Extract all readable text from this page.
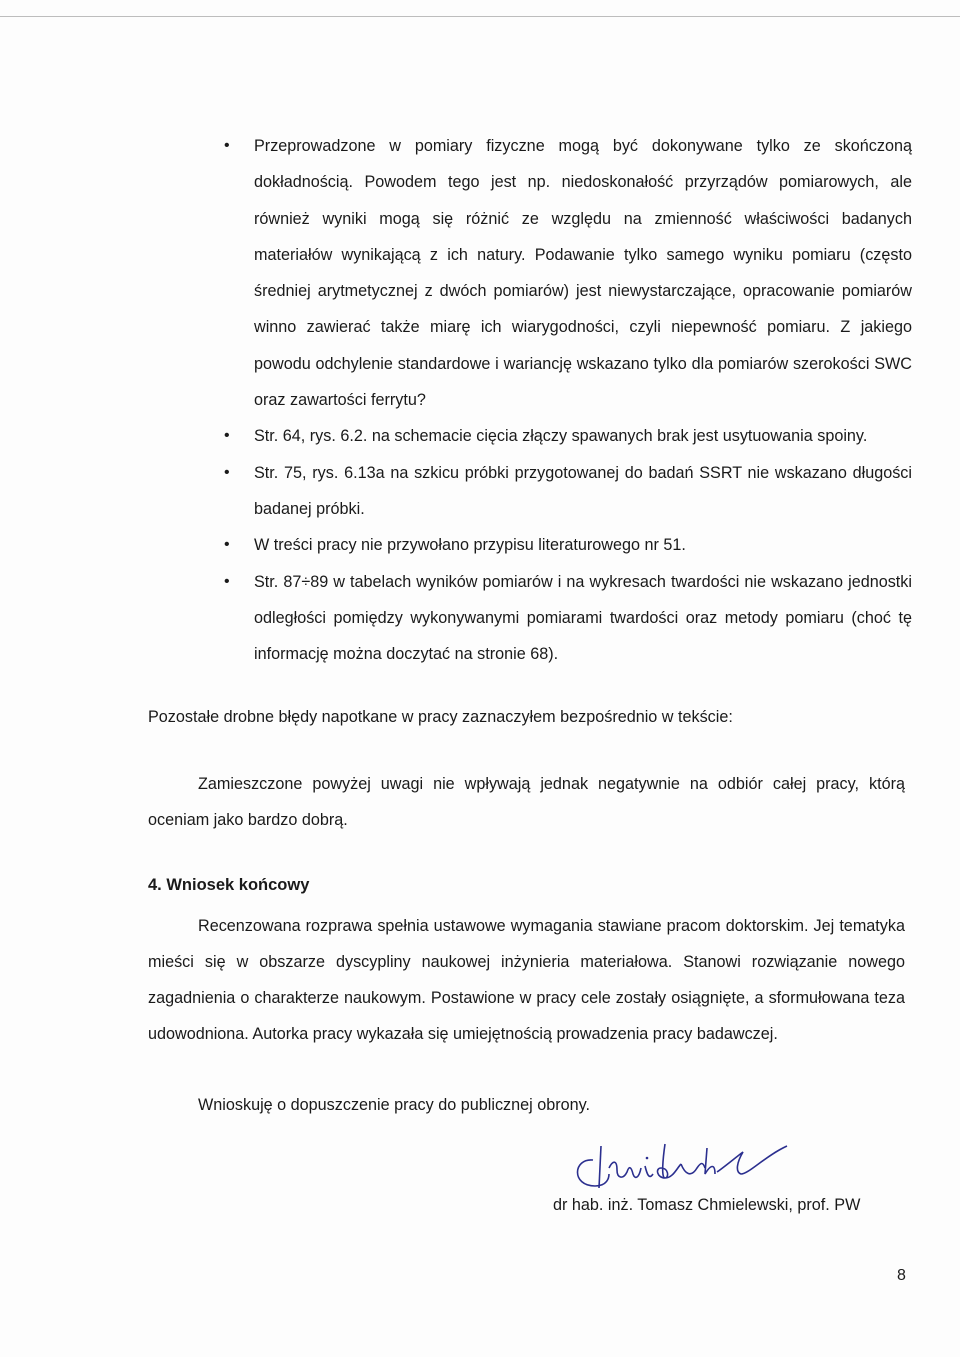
• Przeprowadzone w pomiary fizyczne mogą być dokonywane tylko ze skończoną dokładnością. Powodem tego jest np. niedoskonałość przyrządów pomiarowych, ale również wyniki mogą się różnić ze względu na zmienność właściwości badanych materiałów wynikającą z ich natury. Podawanie tylko samego wyniku pomiaru (często średniej arytmetycznej z dwóch pomiarów) jest niewystarczające, opracowanie pomiarów winno zawierać także miarę ich wiarygodności, czyli niepewność pomiaru. Z jakiego powodu odchylenie standardowe i wariancję wskazano tylko dla pomiarów szerokości SWC oraz zawartości ferrytu?
• Str. 64, rys. 6.2. na schemacie cięcia złączy spawanych brak jest usytuowania spoiny.
• Str. 75, rys. 6.13a na szkicu próbki przygotowanej do badań SSRT nie wskazano długości badanej próbki.
• W treści pracy nie przywołano przypisu literaturowego nr 51.
• Str. 87÷89 w tabelach wyników pomiarów i na wykresach twardości nie wskazano jednostki odległości pomiędzy wykonywanymi pomiarami twardości oraz metody pomiaru (choć tę informację można doczytać na stronie 68).

Pozostałe drobne błędy napotkane w pracy zaznaczyłem bezpośrednio w tekście:

Zamieszczone powyżej uwagi nie wpływają jednak negatywnie na odbiór całej pracy, którą oceniam jako bardzo dobrą.

4. Wniosek końcowy

Recenzowana rozprawa spełnia ustawowe wymagania stawiane pracom doktorskim. Jej tematyka mieści się w obszarze dyscypliny naukowej inżynieria materiałowa. Stanowi rozwiązanie nowego zagadnienia o charakterze naukowym. Postawione w pracy cele zostały osiągnięte, a sformułowana teza udowodniona. Autorka pracy wykazała się umiejętnością prowadzenia pracy badawczej.

Wnioskuję o dopuszczenie pracy do publicznej obrony.

dr hab. inż. Tomasz Chmielewski, prof. PW

8
